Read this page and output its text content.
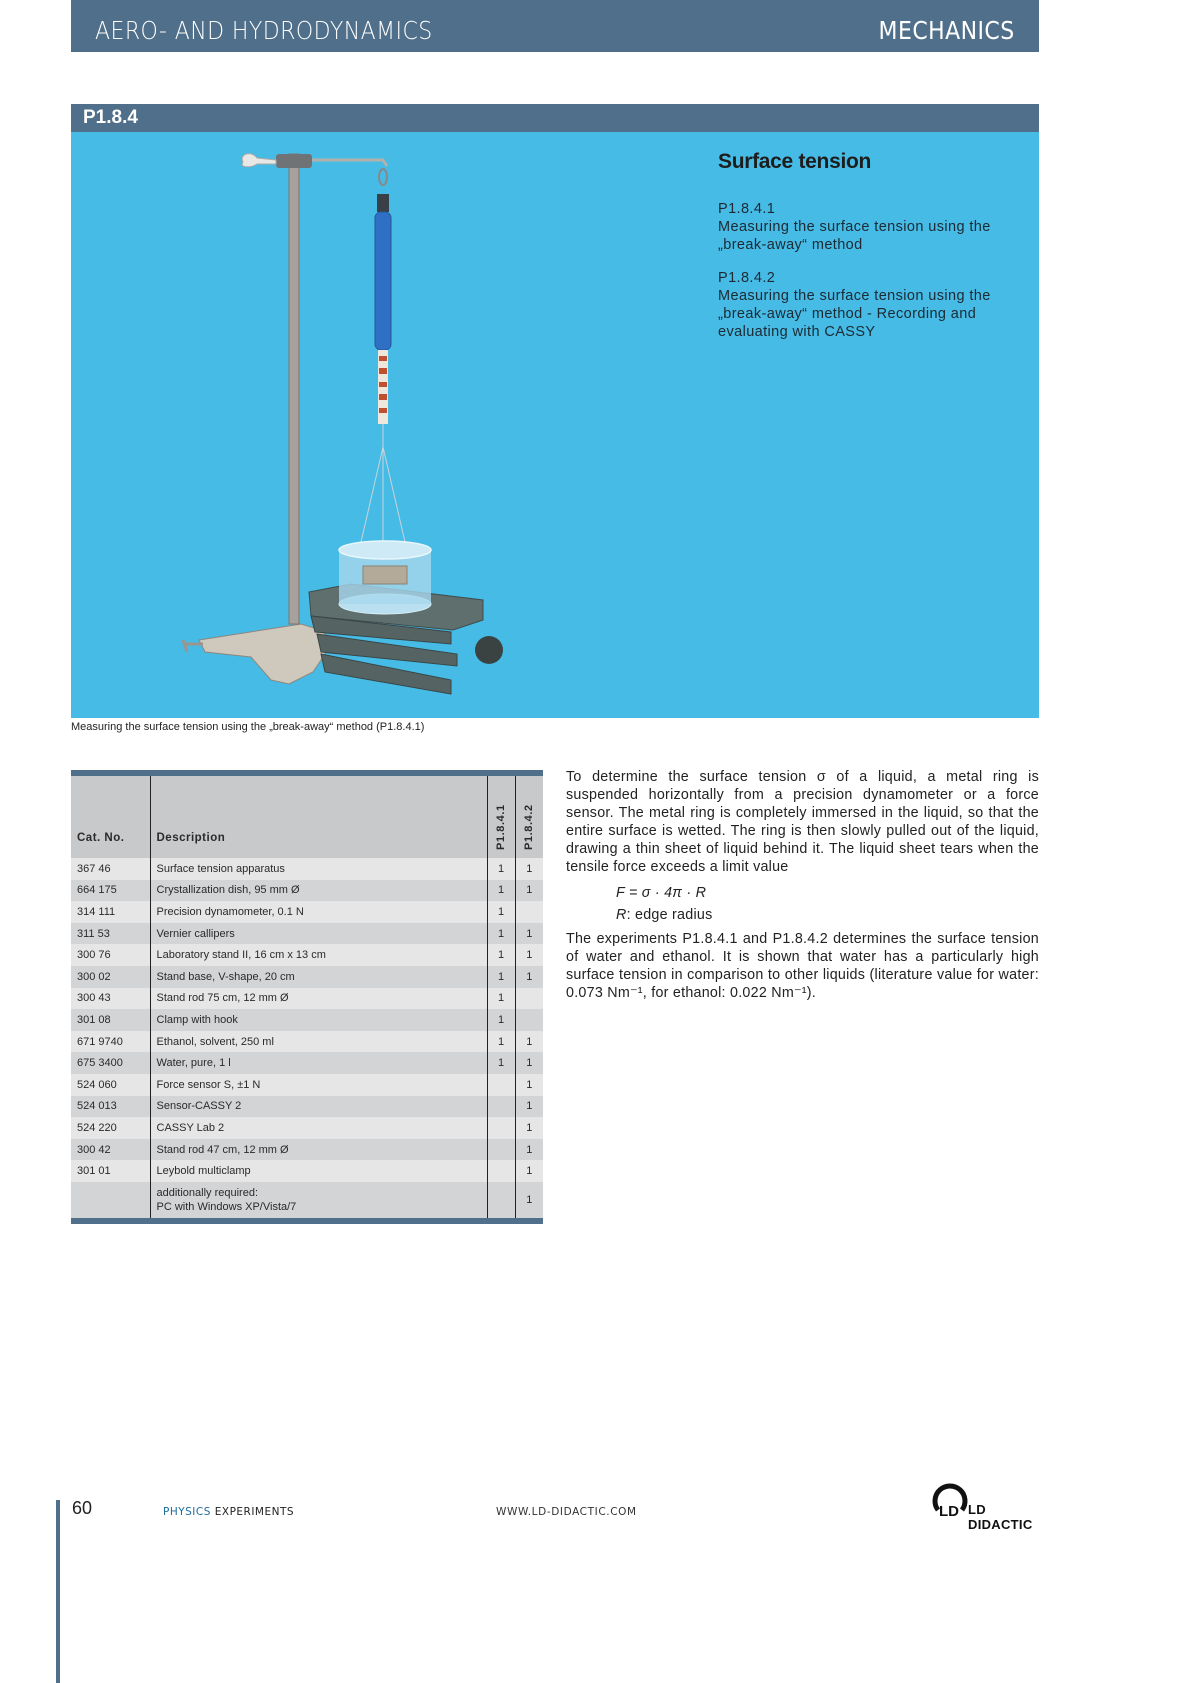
AERO- AND HYDRODYNAMICS	MECHANICS
P1.8.4
Surface tension
P1.8.4.1
Measuring the surface tension using the „break-away“ method
P1.8.4.2
Measuring the surface tension using the „break-away“ method - Recording and evaluating with CASSY
Measuring the surface tension using the „break-away“ method (P1.8.4.1)

Cat. No.	Description	P1.8.4.1	P1.8.4.2

367 46	Surface tension apparatus	1	1
664 175	Crystallization dish, 95 mm Ø	1	1
314 111	Precision dynamometer, 0.1 N	1	
311 53	Vernier callipers	1	1
300 76	Laboratory stand II, 16 cm x 13 cm	1	1
300 02	Stand base, V-shape, 20 cm	1	1
300 43	Stand rod 75 cm, 12 mm Ø	1	
301 08	Clamp with hook	1	
671 9740	Ethanol, solvent, 250 ml	1	1
675 3400	Water, pure, 1 l	1	1
524 060	Force sensor S, ±1 N		1
524 013	Sensor-CASSY 2		1
524 220	CASSY Lab 2		1
300 42	Stand rod 47 cm, 12 mm Ø		1
301 01	Leybold multiclamp		1

	additionally required:
PC with Windows XP/Vista/7		1

To determine the surface tension σ of a liquid, a metal ring is suspended horizontally from a precision dynamometer or a force sensor. The metal ring is completely immersed in the liquid, so that the entire surface is wetted. The ring is then slowly pulled out of the liquid, drawing a thin sheet of liquid behind it. The liquid sheet tears when the tensile force exceeds a limit value

F = σ · 4π · R
R: edge radius

The experiments P1.8.4.1 and P1.8.4.2 determines the surface tension of water and ethanol. It is shown that water has a particularly high surface tension in comparison to other liquids (literature value for water: 0.073 Nm⁻¹, for ethanol: 0.022 Nm⁻¹).

60	PHYSICS EXPERIMENTS	WWW.LD-DIDACTIC.COM	LD LD DIDACTIC
